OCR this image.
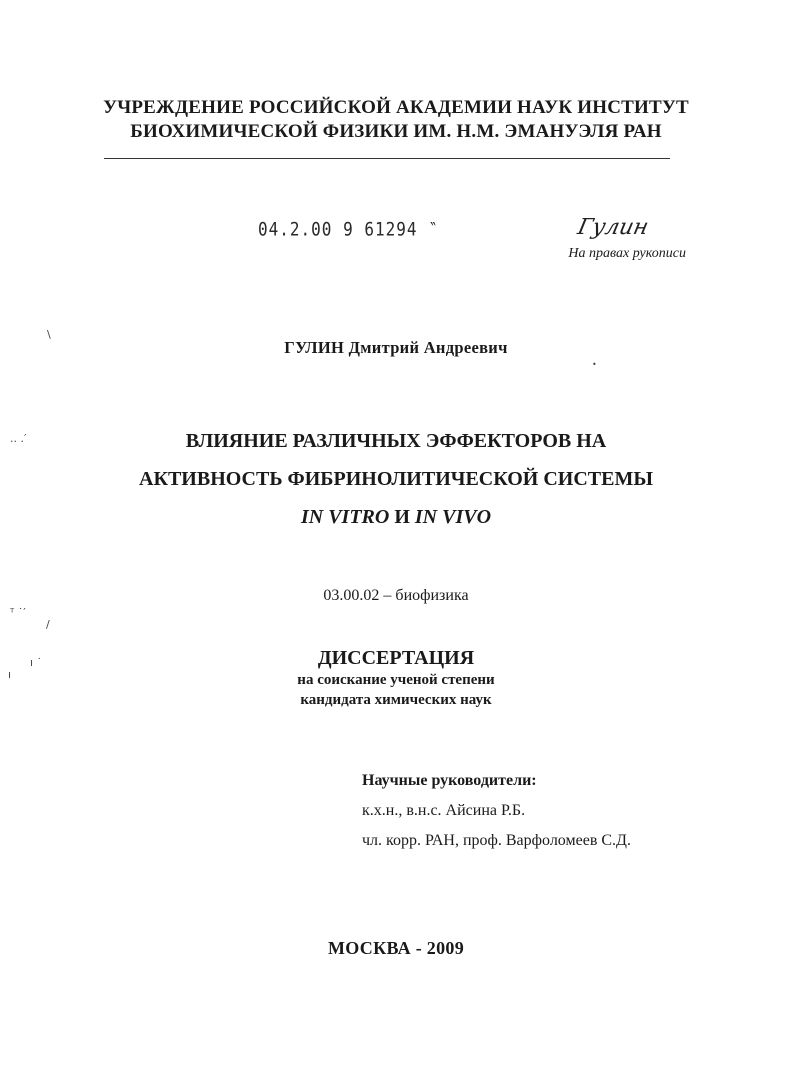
УЧРЕЖДЕНИЕ РОССИЙСКОЙ АКАДЕМИИ НАУК ИНСТИТУТ
БИОХИМИЧЕСКОЙ ФИЗИКИ ИМ. Н.М. ЭМАНУЭЛЯ РАН
04.2.00 9 61294 ‶	Гулин
На правах рукописи
\
•
.. .′
ᵀ ˙′
/
ı ˙
ı
ГУЛИН Дмитрий Андреевич
ВЛИЯНИЕ РАЗЛИЧНЫХ ЭФФЕКТОРОВ НА
АКТИВНОСТЬ ФИБРИНОЛИТИЧЕСКОЙ СИСТЕМЫ
IN VITRO И IN VIVO
03.00.02 – биофизика
ДИССЕРТАЦИЯ
на соискание ученой степени
кандидата химических наук
Научные руководители:
к.х.н., в.н.с. Айсина Р.Б.
чл. корр. РАН, проф. Варфоломеев С.Д.
МОСКВА - 2009
